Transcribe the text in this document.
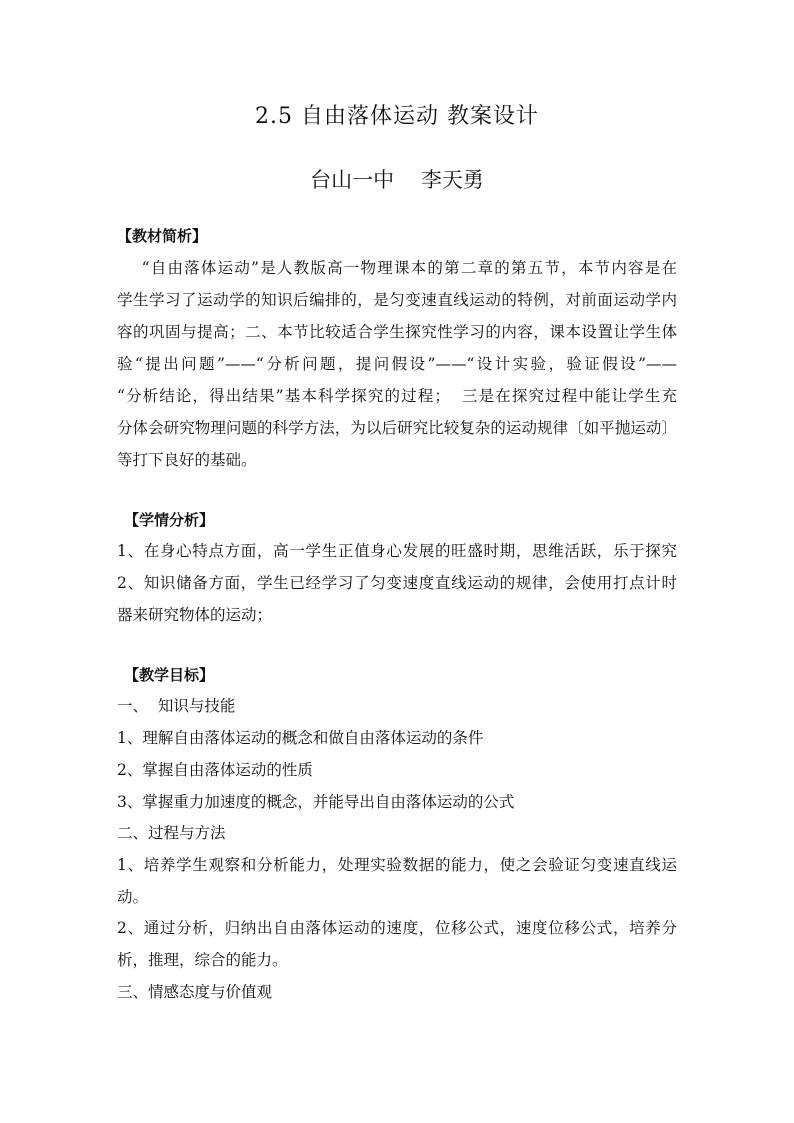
2.5 自由落体运动 教案设计
台山一中    李天勇
【教材简析】
“自由落体运动”是人教版高一物理课本的第二章的第五节，本节内容是在
学生学习了运动学的知识后编排的，是匀变速直线运动的特例，对前面运动学内
容的巩固与提高；二、本节比较适合学生探究性学习的内容，课本设置让学生体
验“提出问题”——“分析问题，提问假设”——“设计实验，验证假设”——
“分析结论，得出结果”基本科学探究的过程；  三是在探究过程中能让学生充
分体会研究物理问题的科学方法，为以后研究比较复杂的运动规律〔如平抛运动〕
等打下良好的基础。
【学情分析】
1、在身心特点方面，高一学生正值身心发展的旺盛时期，思维活跃，乐于探究
2、知识储备方面，学生已经学习了匀变速度直线运动的规律，会使用打点计时
器来研究物体的运动；
【教学目标】
一、  知识与技能
1、理解自由落体运动的概念和做自由落体运动的条件
2、掌握自由落体运动的性质
3、掌握重力加速度的概念，并能导出自由落体运动的公式
二、过程与方法
1、培养学生观察和分析能力，处理实验数据的能力，使之会验证匀变速直线运
动。
2、通过分析，归纳出自由落体运动的速度，位移公式，速度位移公式，培养分
析，推理，综合的能力。
三、情感态度与价值观
